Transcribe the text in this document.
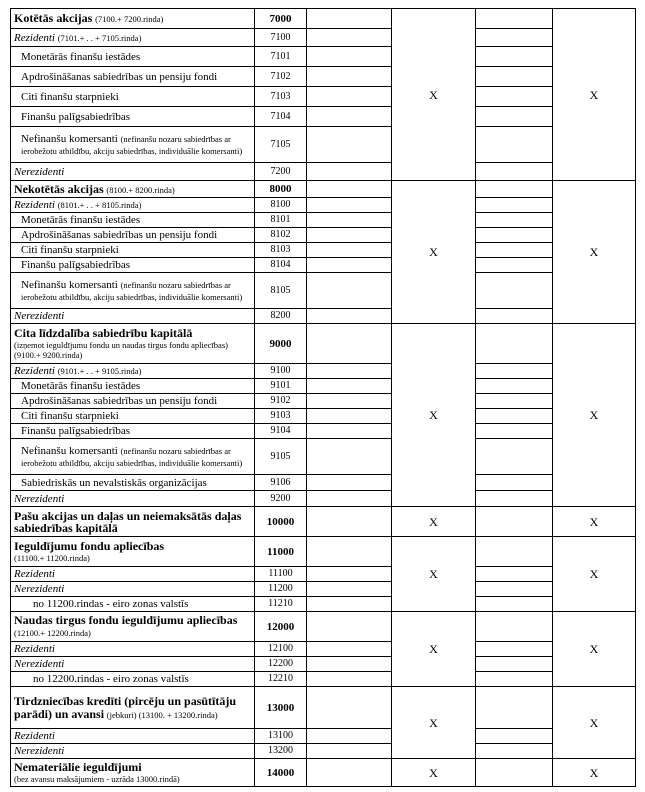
Kotētās akcijas (7100.+ 7200.rinda)	7000		X		X
Rezidenti (7101.+ . . + 7105.rinda)	7100				
Monetārās finanšu iestādes	7101				
Apdrošināšanas sabiedrības un pensiju fondi	7102				
Citi finanšu starpnieki	7103				
Finanšu palīgsabiedrības	7104				
Nefinanšu komersanti (nefinanšu nozaru sabiedrības ar ierobežotu atbildību, akciju sabiedrības, individuālie komersanti)	7105				
Nerezidenti	7200				
Nekotētās akcijas (8100.+ 8200.rinda)	8000		X		X
Rezidenti (8101.+ . . + 8105.rinda)	8100				
Monetārās finanšu iestādes	8101				
Apdrošināšanas sabiedrības un pensiju fondi	8102				
Citi finanšu starpnieki	8103				
Finanšu palīgsabiedrības	8104				
Nefinanšu komersanti (nefinanšu nozaru sabiedrības ar ierobežotu atbildību, akciju sabiedrības, individuālie komersanti)	8105				
Nerezidenti	8200				
Cita līdzdalība sabiedrību kapitālā
(izņemot ieguldījumu fondu un naudas tirgus fondu apliecības) (9100.+ 9200.rinda)	9000		X		X
Rezidenti (9101.+ . . + 9105.rinda)	9100				
Monetārās finanšu iestādes	9101				
Apdrošināšanas sabiedrības un pensiju fondi	9102				
Citi finanšu starpnieki	9103				
Finanšu palīgsabiedrības	9104				
Nefinanšu komersanti (nefinanšu nozaru sabiedrības ar ierobežotu atbildību, akciju sabiedrības, individuālie komersanti)	9105				
Sabiedriskās un nevalstiskās organizācijas	9106				
Nerezidenti	9200				
Pašu akcijas un daļas un neiemaksātās daļas sabiedrības kapitālā	10000		X		X
Ieguldījumu fondu apliecības
(11100.+ 11200.rinda)	11000		X		X
Rezidenti	11100				
Nerezidenti	11200				
no 11200.rindas - eiro zonas valstīs	11210				
Naudas tirgus fondu ieguldījumu apliecības (12100.+ 12200.rinda)	12000		X		X
Rezidenti	12100				
Nerezidenti	12200				
no 12200.rindas - eiro zonas valstīs	12210				
Tirdzniecības kredīti (pircēju un pasūtītāju parādi) un avansi (jebkuri) (13100. + 13200.rinda)	13000		X		X
Rezidenti	13100				
Nerezidenti	13200				
Nemateriālie ieguldījumi
(bez avansu maksājumiem - uzrāda 13000.rindā)	14000		X		X
